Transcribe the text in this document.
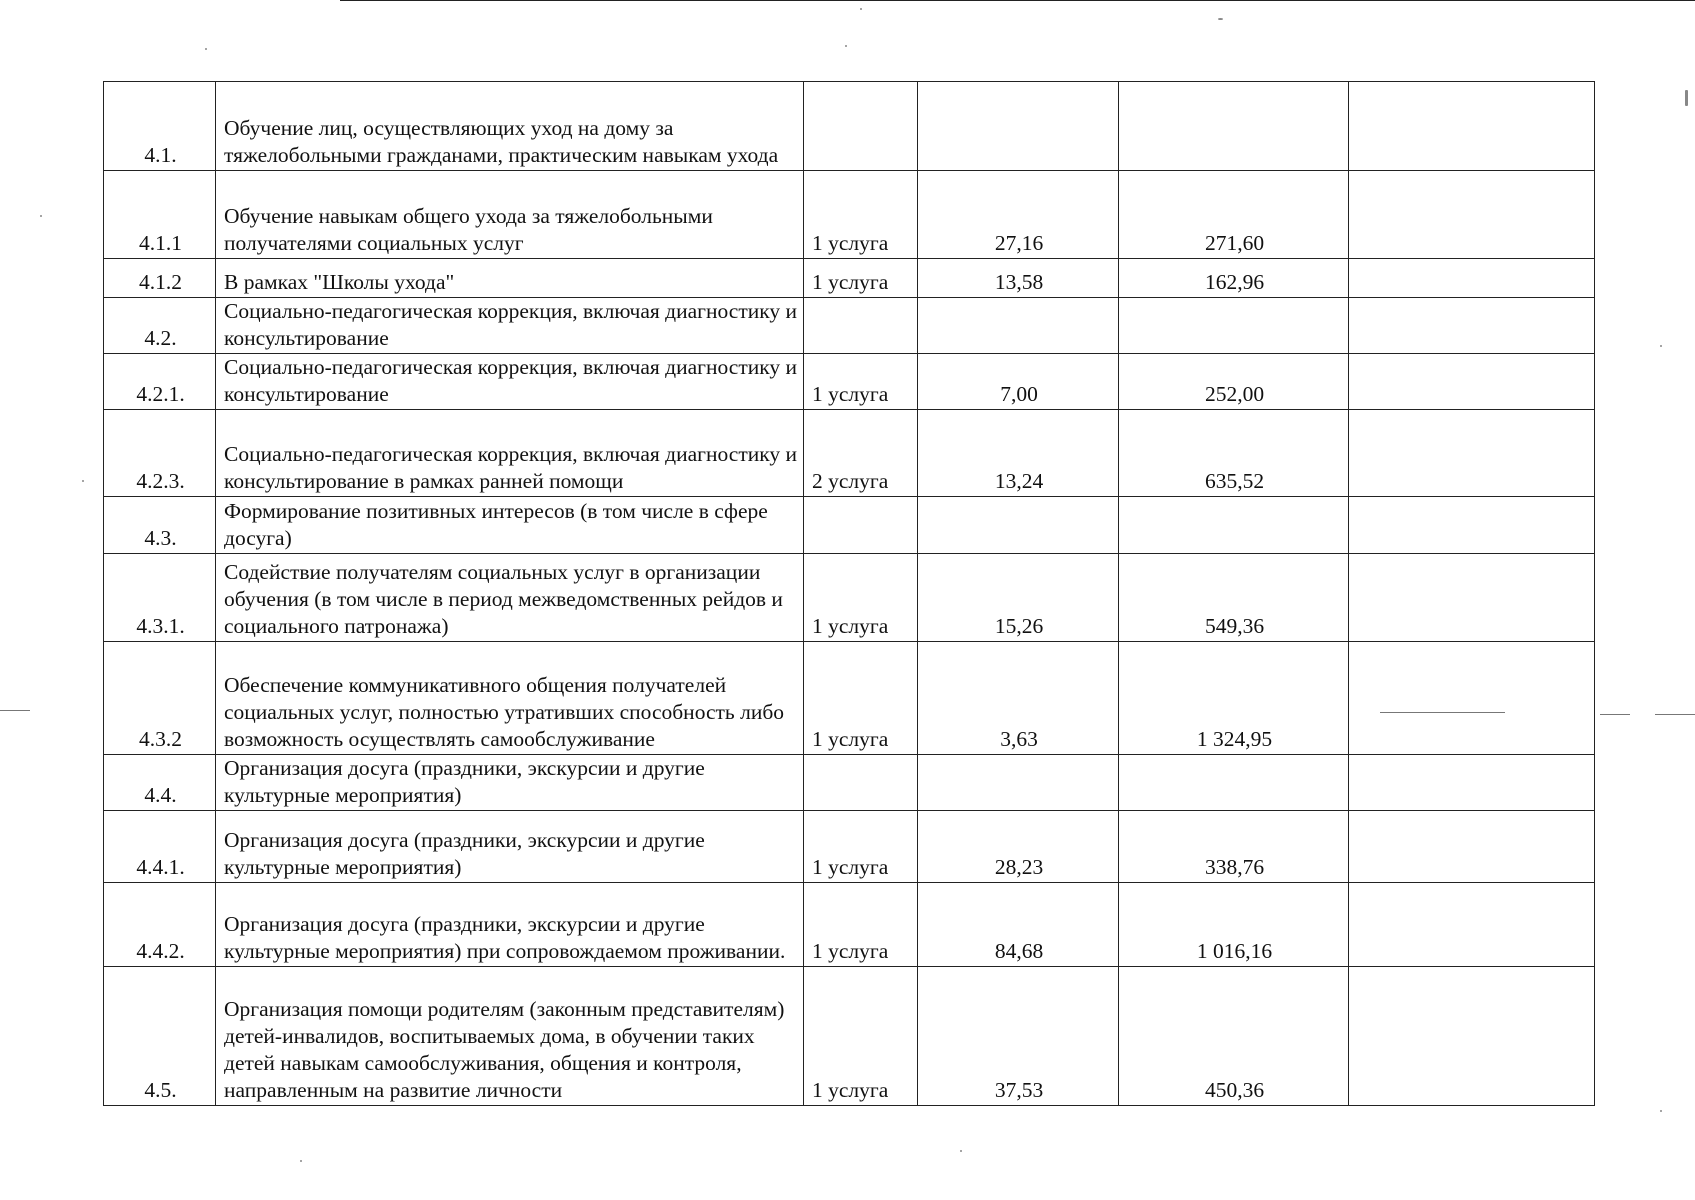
4.1.	Обучение лиц, осуществляющих уход на дому за тяжелобольными гражданами, практическим навыкам ухода				
4.1.1	Обучение навыкам общего ухода за тяжелобольными получателями социальных услуг	1 услуга	27,16	271,60	
4.1.2	В рамках "Школы ухода"	1 услуга	13,58	162,96	
4.2.	Социально-педагогическая коррекция, включая диагностику и консультирование				
4.2.1.	Социально-педагогическая коррекция, включая диагностику и консультирование	1 услуга	7,00	252,00	
4.2.3.	Социально-педагогическая коррекция, включая диагностику и консультирование в рамках ранней помощи	2 услуга	13,24	635,52	
4.3.	Формирование позитивных интересов (в том числе в сфере досуга)				
4.3.1.	Содействие получателям социальных услуг в организации обучения (в том числе в период межведомственных рейдов и социального патронажа)	1 услуга	15,26	549,36	
4.3.2	Обеспечение коммуникативного общения получателей социальных услуг, полностью утративших способность либо возможность осуществлять самообслуживание	1 услуга	3,63	1 324,95	
4.4.	Организация досуга (праздники, экскурсии и другие культурные мероприятия)				
4.4.1.	Организация досуга (праздники, экскурсии и другие культурные мероприятия)	1 услуга	28,23	338,76	
4.4.2.	Организация досуга (праздники, экскурсии и другие культурные мероприятия) при сопровождаемом проживании.	1 услуга	84,68	1 016,16	
4.5.	Организация помощи родителям (законным представителям) детей-инвалидов, воспитываемых дома, в обучении таких детей навыкам самообслуживания, общения и контроля, направленным на развитие личности	1 услуга	37,53	450,36	
